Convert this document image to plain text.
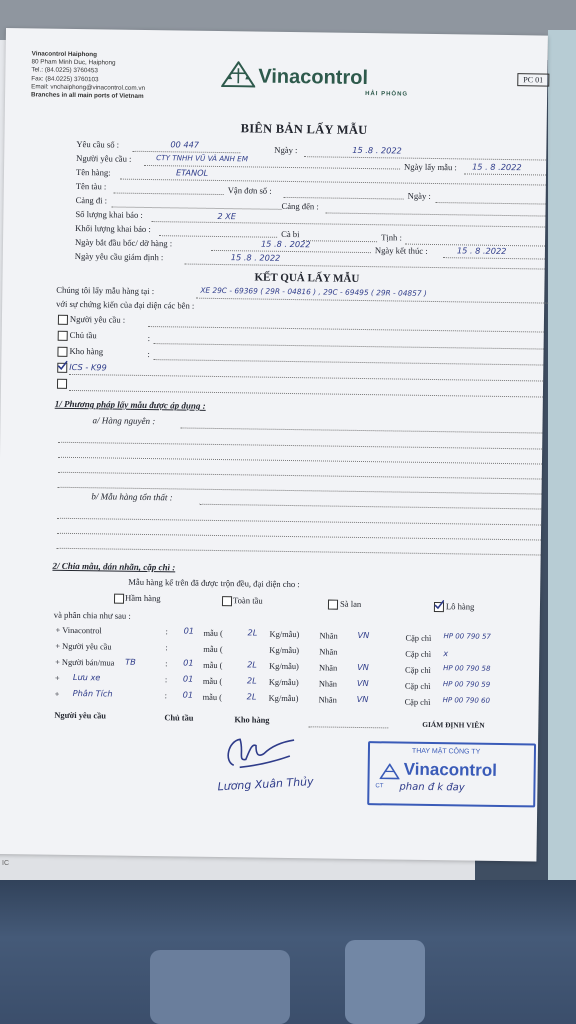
IC
Vinacontrol Haiphong
80 Pham Minh Duc, Haiphong
Tel.: (84.0225) 3760453
Fax: (84.0225) 3760103
Email: vnchaiphong@vinacontrol.com.vn
Branches in all main ports of Vietnam
Vinacontrol
HẢI PHÒNG
PC 01
BIÊN BẢN LẤY MẪU
Yêu cầu số :	00 447
Ngày :	15 .8 . 2022
Người yêu cầu :	CTY TNHH VŨ VÀ ANH EM
Ngày lấy mẫu : 15 . 8 .2022
Tên hàng:	ETANOL
Tên tàu :	Vận đơn số :
Ngày :
Cảng đi :
Cảng đến :
Số lượng khai báo :	2 XE
Khối lượng khai báo :	Cà bi	Tịnh :
Ngày bắt đầu bốc/ dỡ hàng :	15 .8 . 2022
Ngày kết thúc :	15 . 8 .2022
Ngày yêu cầu giám định :	15 .8 . 2022
KẾT QUẢ LẤY MẪU
Chúng tôi lấy mẫu hàng tại :	XE 29C - 69369 ( 29R - 04816 ) , 29C - 69495 ( 29R - 04857 )
với sự chứng kiến của đại diện các bên :
Người yêu cầu :
Chủ tầu	:
Kho hàng	:
ICS - K99
1/ Phương pháp lấy mẫu được áp dụng :
a/ Hàng nguyên :
b/ Mẫu hàng tổn thất :
2/ Chia mẫu, dán nhãn, cặp chì :
Mẫu hàng kể trên đã được trộn đều, đại diện cho :
Hầm hàng	Toàn tầu	Sà lan	Lô hàng
và phân chia như sau :
+ Vinacontrol	: 01 mẫu (	2L Kg/mẫu) Nhãn VN	Cặp chì HP 00 790 57
+ Người yêu cầu	:	mẫu (	Kg/mẫu) Nhãn	Cặp chì x
+ Người bán/mua TB	: 01 mẫu (	2L Kg/mẫu) Nhãn VN	Cặp chì HP 00 790 58
+ Lưu xe	: 01 mẫu (	2L Kg/mẫu) Nhãn VN	Cặp chì HP 00 790 59
+ Phân Tích	: 01 mẫu (	2L Kg/mẫu) Nhãn VN	Cặp chì HP 00 790 60
Người yêu cầu	Chủ tầu	Kho hàng	GIÁM ĐỊNH VIÊN
Lương Xuân Thủy
THAY MẶT CÔNG TY
Vinacontrol
CT phan đ k đay
